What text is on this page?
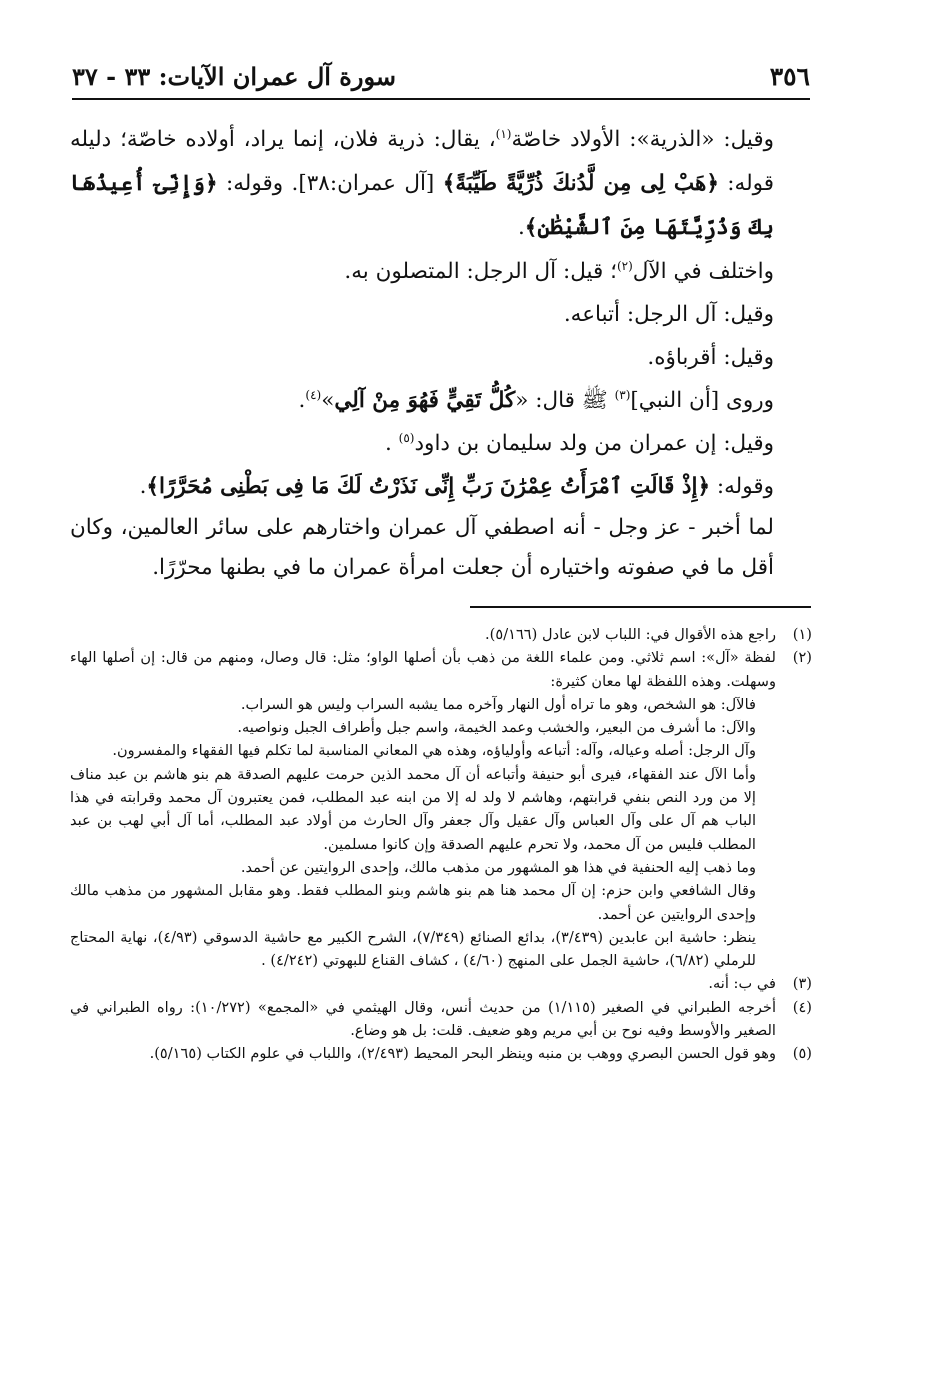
٣٥٦
سورة آل عمران الآيات: ٣٣ - ٣٧

وقيل: «الذرية»: الأولاد خاصّة$^{(١)}$، يقال: ذرية فلان، إنما يراد، أولاده خاصّة؛ دليله قوله: ﴿هَبْ لِى مِن لَّدُنكَ ذُرِّيَّةً طَيِّبَةً﴾ [آل عمران:٣٨]. وقوله: ﴿وَإِنِّىٓ أُعِيذُهَا بِكَ وَذُرِّيَّتَهَا مِنَ ٱلشَّيْطَٰنِ﴾.

واختلف في الآل$^{(٢)}$؛ قيل: آل الرجل: المتصلون به.

وقيل: آل الرجل: أتباعه.

وقيل: أقرباؤه.

وروى [أن النبي]$^{(٣)}$ ﷺ قال: «كُلُّ تَقِيٍّ فَهُوَ مِنْ آلِي»$^{(٤)}$.

وقيل: إن عمران من ولد سليمان بن داود$^{(٥)}$ .

وقوله: ﴿إِذْ قَالَتِ ٱمْرَأَتُ عِمْرَٰنَ رَبِّ إِنِّى نَذَرْتُ لَكَ مَا فِى بَطْنِى مُحَرَّرًا﴾.

لما أخبر - عز وجل - أنه اصطفي آل عمران واختارهم على سائر العالمين، وكان أقل ما في صفوته واختياره أن جعلت امرأة عمران ما في بطنها محرّرًا.

(١)

راجع هذه الأقوال في: اللباب لابن عادل (٥/١٦٦).

(٢)

لفظة «آل»: اسم ثلاثي. ومن علماء اللغة من ذهب بأن أصلها الواو؛ مثل: قال وصال، ومنهم من قال: إن أصلها الهاء وسهلت. وهذه اللفظة لها معان كثيرة:

فالآل: هو الشخص، وهو ما تراه أول النهار وآخره مما يشبه السراب وليس هو السراب.

والآل: ما أشرف من البعير، والخشب وعمد الخيمة، واسم جبل وأطراف الجبل ونواصيه.

وآل الرجل: أصله وعياله، وآله: أتباعه وأولياؤه، وهذه هي المعاني المناسبة لما تكلم فيها الفقهاء والمفسرون.

وأما الآل عند الفقهاء، فيرى أبو حنيفة وأتباعه أن آل محمد الذين حرمت عليهم الصدقة هم بنو هاشم بن عبد مناف إلا من ورد النص بنفي قرابتهم، وهاشم لا ولد له إلا من ابنه عبد المطلب، فمن يعتبرون آل محمد وقرابته في هذا الباب هم آل على وآل العباس وآل عقيل وآل جعفر وآل الحارث من أولاد عبد المطلب، أما آل أبي لهب بن عبد المطلب فليس من آل محمد، ولا تحرم عليهم الصدقة وإن كانوا مسلمين.

وما ذهب إليه الحنفية في هذا هو المشهور من مذهب مالك، وإحدى الروايتين عن أحمد.

وقال الشافعي وابن حزم: إن آل محمد هنا هم بنو هاشم وبنو المطلب فقط. وهو مقابل المشهور من مذهب مالك وإحدى الروايتين عن أحمد.

ينظر: حاشية ابن عابدين (٣/٤٣٩)، بدائع الصنائع (٧/٣٤٩)، الشرح الكبير مع حاشية الدسوقي (٤/٩٣)، نهاية المحتاج للرملي (٦/٨٢)، حاشية الجمل على المنهج (٤/٦٠) ، كشاف القناع للبهوتي (٤/٢٤٢) .

(٣)

في ب: أنه.

(٤)

أخرجه الطبراني في الصغير (١/١١٥) من حديث أنس، وقال الهيثمي في «المجمع» (١٠/٢٧٢): رواه الطبراني في الصغير والأوسط وفيه نوح بن أبي مريم وهو ضعيف. قلت: بل هو وضاع.

(٥)

وهو قول الحسن البصري ووهب بن منبه وينظر البحر المحيط (٢/٤٩٣)، واللباب في علوم الكتاب (٥/١٦٥).
